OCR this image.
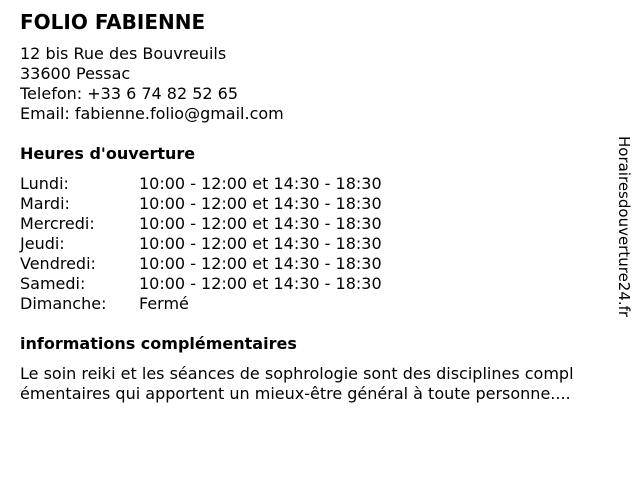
FOLIO FABIENNE
12 bis Rue des Bouvreuils
33600 Pessac
Telefon: +33 6 74 82 52 65
Email: fabienne.folio@gmail.com
Heures d'ouverture
Lundi:	10:00 - 12:00 et 14:30 - 18:30
Mardi:	10:00 - 12:00 et 14:30 - 18:30
Mercredi:	10:00 - 12:00 et 14:30 - 18:30
Jeudi:	10:00 - 12:00 et 14:30 - 18:30
Vendredi:	10:00 - 12:00 et 14:30 - 18:30
Samedi:	10:00 - 12:00 et 14:30 - 18:30
Dimanche: Fermé
informations complémentaires
Le soin reiki et les séances de sophrologie sont des disciplines compl
émentaires qui apportent un mieux-être général à toute personne....
Horairesdouverture24.fr
